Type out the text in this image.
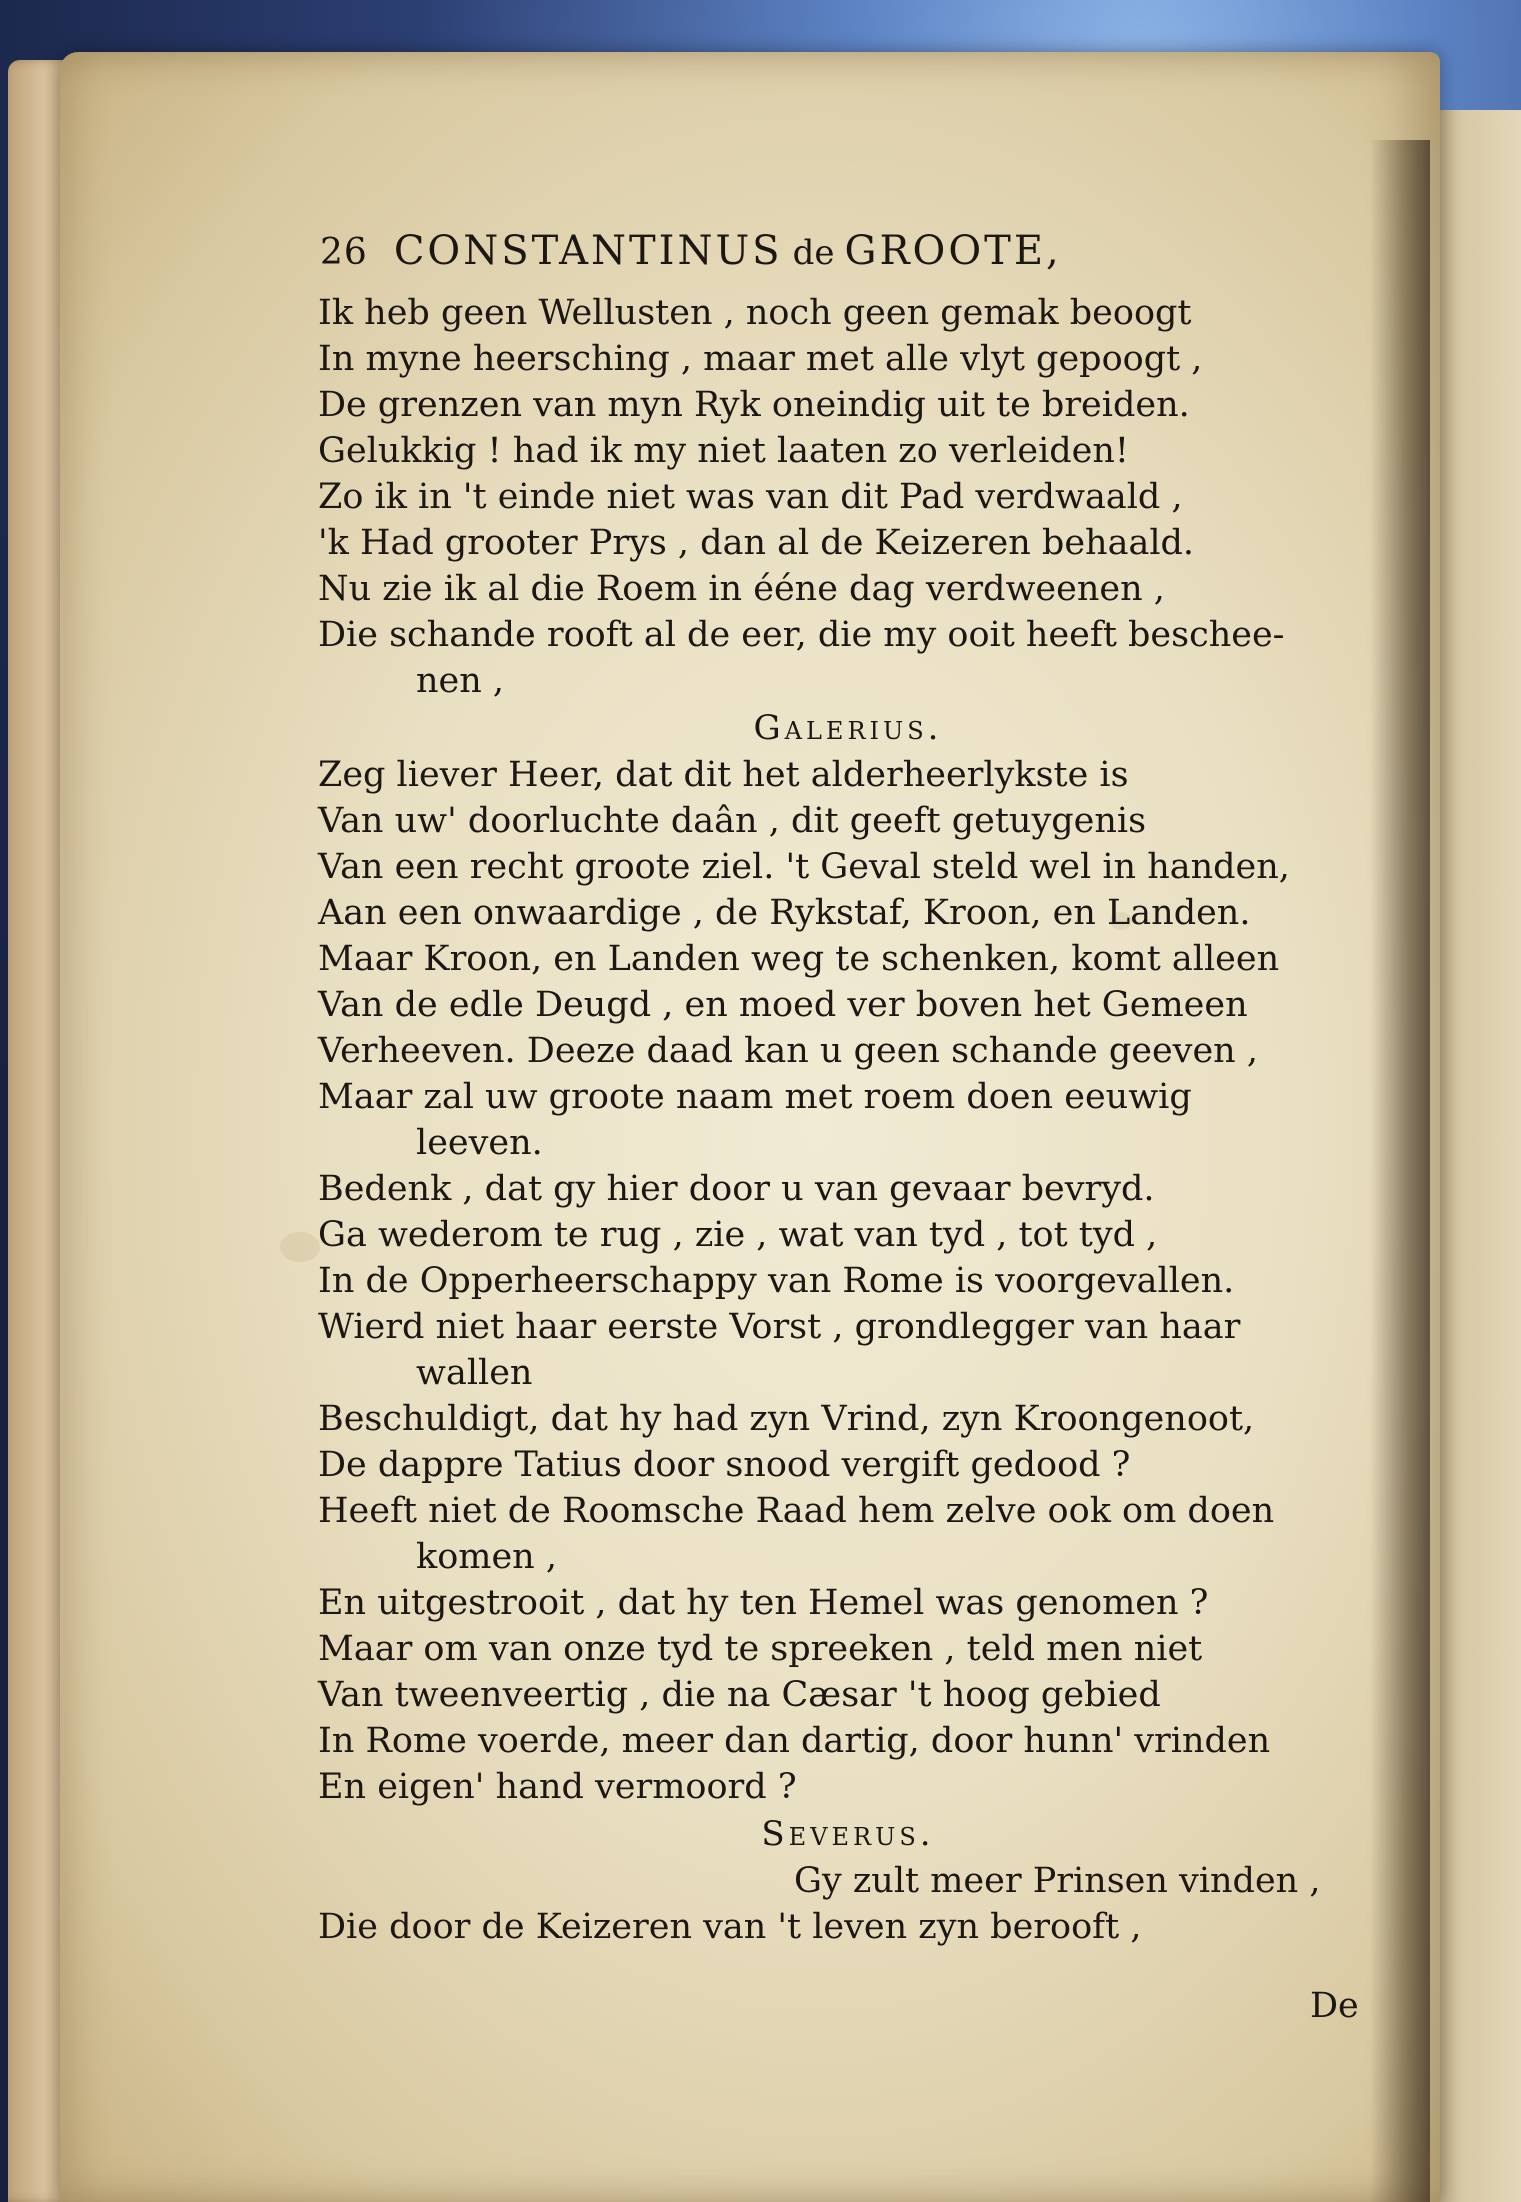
26 CONSTANTINUS de GROOTE,
Ik heb geen Wellusten , noch geen gemak beoogt
In myne heersching , maar met alle vlyt gepoogt ,
De grenzen van myn Ryk oneindig uit te breiden.
Gelukkig ! had ik my niet laaten zo verleiden!
Zo ik in 't einde niet was van dit Pad verdwaald ,
'k Had grooter Prys , dan al de Keizeren behaald.
Nu zie ik al die Roem in ééne dag verdweenen ,
Die schande rooft al de eer, die my ooit heeft bescheе-
nen ,
Galerius.
Zeg liever Heer, dat dit het alderheerlykste is
Van uw' doorluchte daân , dit geeft getuygenis
Van een recht groote ziel. 't Geval steld wel in handen,
Aan een onwaardige , de Rykstaf, Kroon, en Landen.
Maar Kroon, en Landen weg te schenken, komt alleen
Van de edle Deugd , en moed ver boven het Gemeen
Verheeven. Deeze daad kan u geen schande geeven ,
Maar zal uw groote naam met roem doen eeuwig
leeven.
Bedenk , dat gy hier door u van gevaar bevryd.
Ga wederom te rug , zie , wat van tyd , tot tyd ,
In de Opperheerschappy van Rome is voorgevallen.
Wierd niet haar eerste Vorst , grondlegger van haar
wallen
Beschuldigt, dat hy had zyn Vrind, zyn Kroongenoot,
De dappre Tatius door snood vergift gedood ?
Heeft niet de Roomsche Raad hem zelve ook om doen
komen ,
En uitgestrooit , dat hy ten Hemel was genomen ?
Maar om van onze tyd te spreeken , teld men niet
Van tweenveertig , die na Cæsar 't hoog gebied
In Rome voerde, meer dan dartig, door hunn' vrinden
En eigen' hand vermoord ?
Severus.
Gy zult meer Prinsen vinden ,
Die door de Keizeren van 't leven zyn berooft ,
De
